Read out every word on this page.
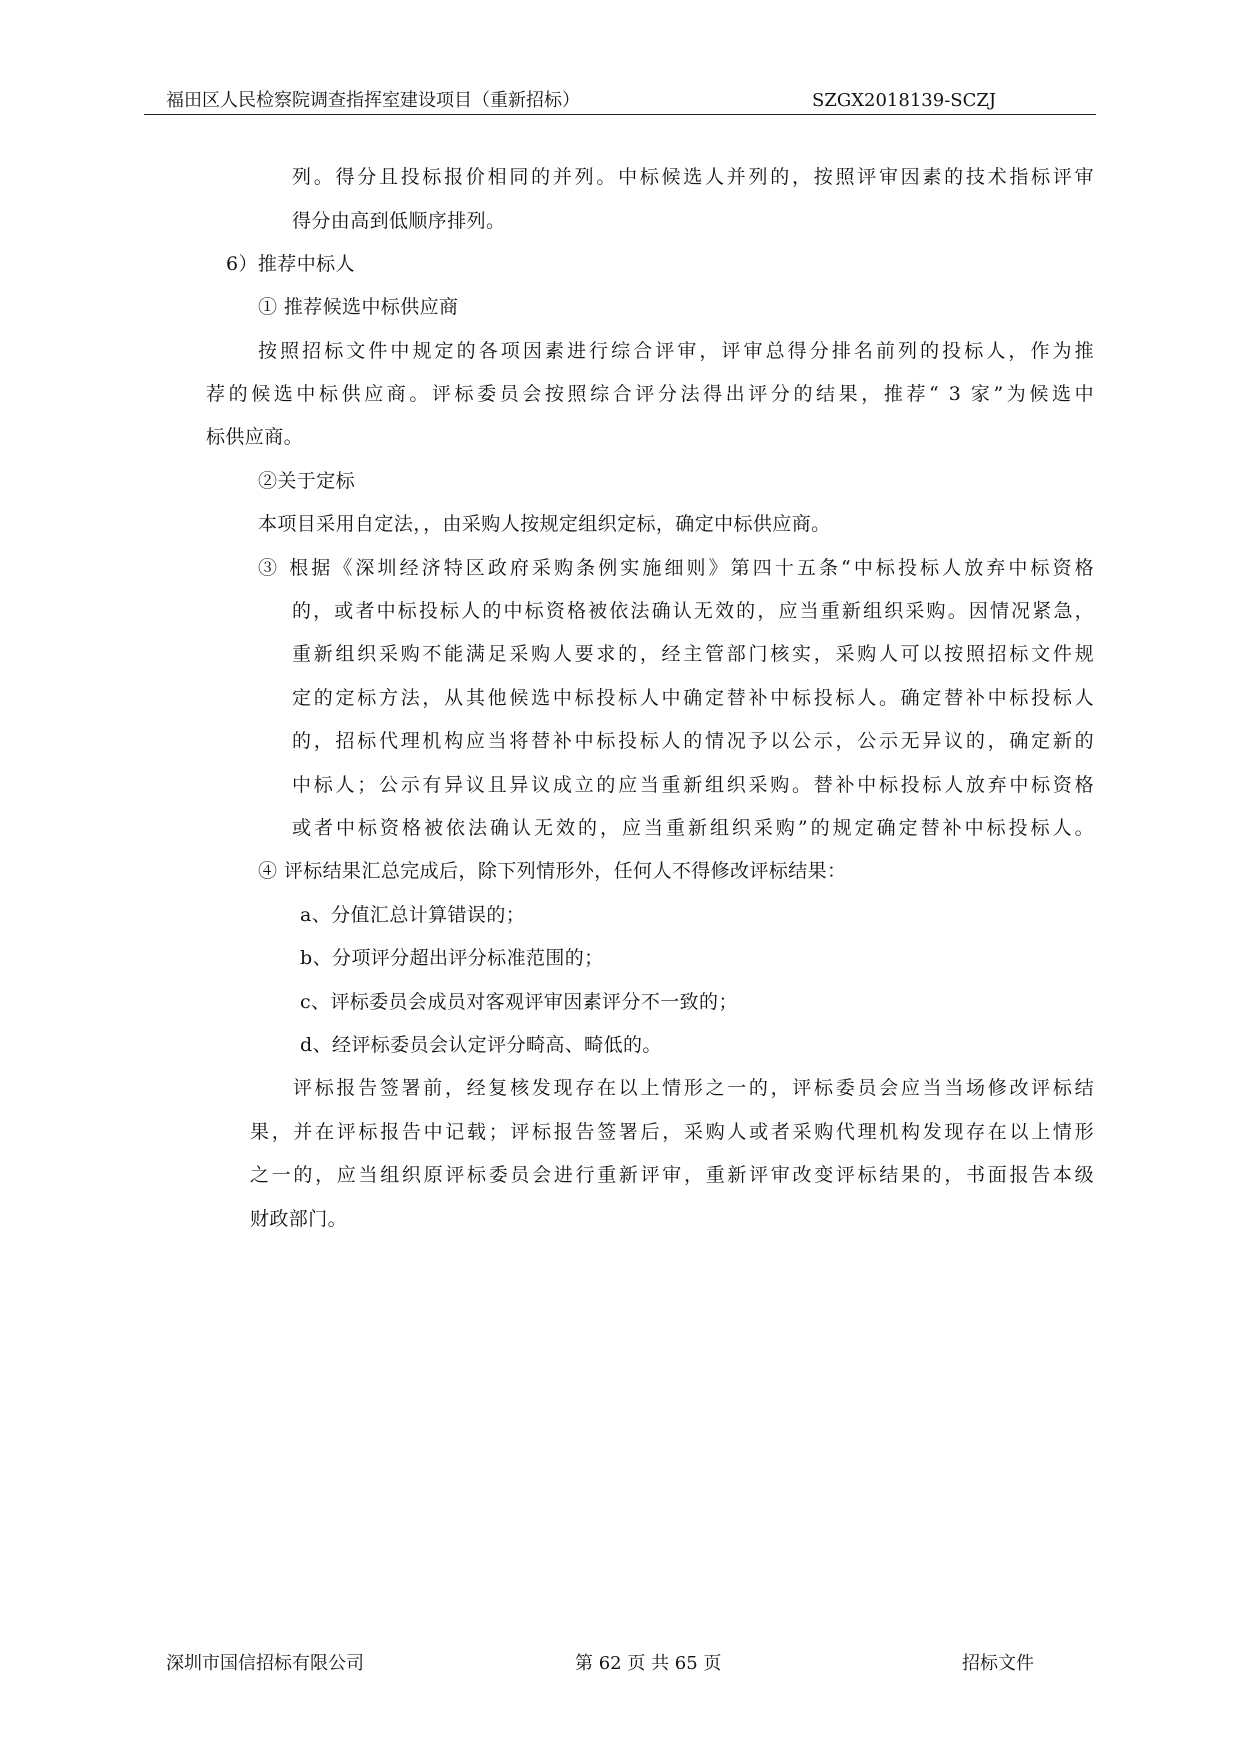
福田区人民检察院调查指挥室建设项目（重新招标）	SZGX2018139-SCZJ
列。得分且投标报价相同的并列。中标候选人并列的，按照评审因素的技术指标评审
得分由高到低顺序排列。
6）推荐中标人
① 推荐候选中标供应商
按照招标文件中规定的各项因素进行综合评审，评审总得分排名前列的投标人，作为推
荐的候选中标供应商。评标委员会按照综合评分法得出评分的结果，推荐“ 3 家”为候选中
标供应商。
②关于定标
本项目采用自定法，，由采购人按规定组织定标，确定中标供应商。
③ 根据《深圳经济特区政府采购条例实施细则》第四十五条“中标投标人放弃中标资格
的，或者中标投标人的中标资格被依法确认无效的，应当重新组织采购。因情况紧急，
重新组织采购不能满足采购人要求的，经主管部门核实，采购人可以按照招标文件规
定的定标方法，从其他候选中标投标人中确定替补中标投标人。确定替补中标投标人
的，招标代理机构应当将替补中标投标人的情况予以公示，公示无异议的，确定新的
中标人；公示有异议且异议成立的应当重新组织采购。替补中标投标人放弃中标资格
或者中标资格被依法确认无效的，应当重新组织采购”的规定确定替补中标投标人。
④ 评标结果汇总完成后，除下列情形外，任何人不得修改评标结果：
a、分值汇总计算错误的；
b、分项评分超出评分标准范围的；
c、评标委员会成员对客观评审因素评分不一致的；
d、经评标委员会认定评分畸高、畸低的。
评标报告签署前，经复核发现存在以上情形之一的，评标委员会应当当场修改评标结
果，并在评标报告中记载；评标报告签署后，采购人或者采购代理机构发现存在以上情形
之一的，应当组织原评标委员会进行重新评审，重新评审改变评标结果的，书面报告本级
财政部门。
深圳市国信招标有限公司	第 62 页 共 65 页	招标文件
